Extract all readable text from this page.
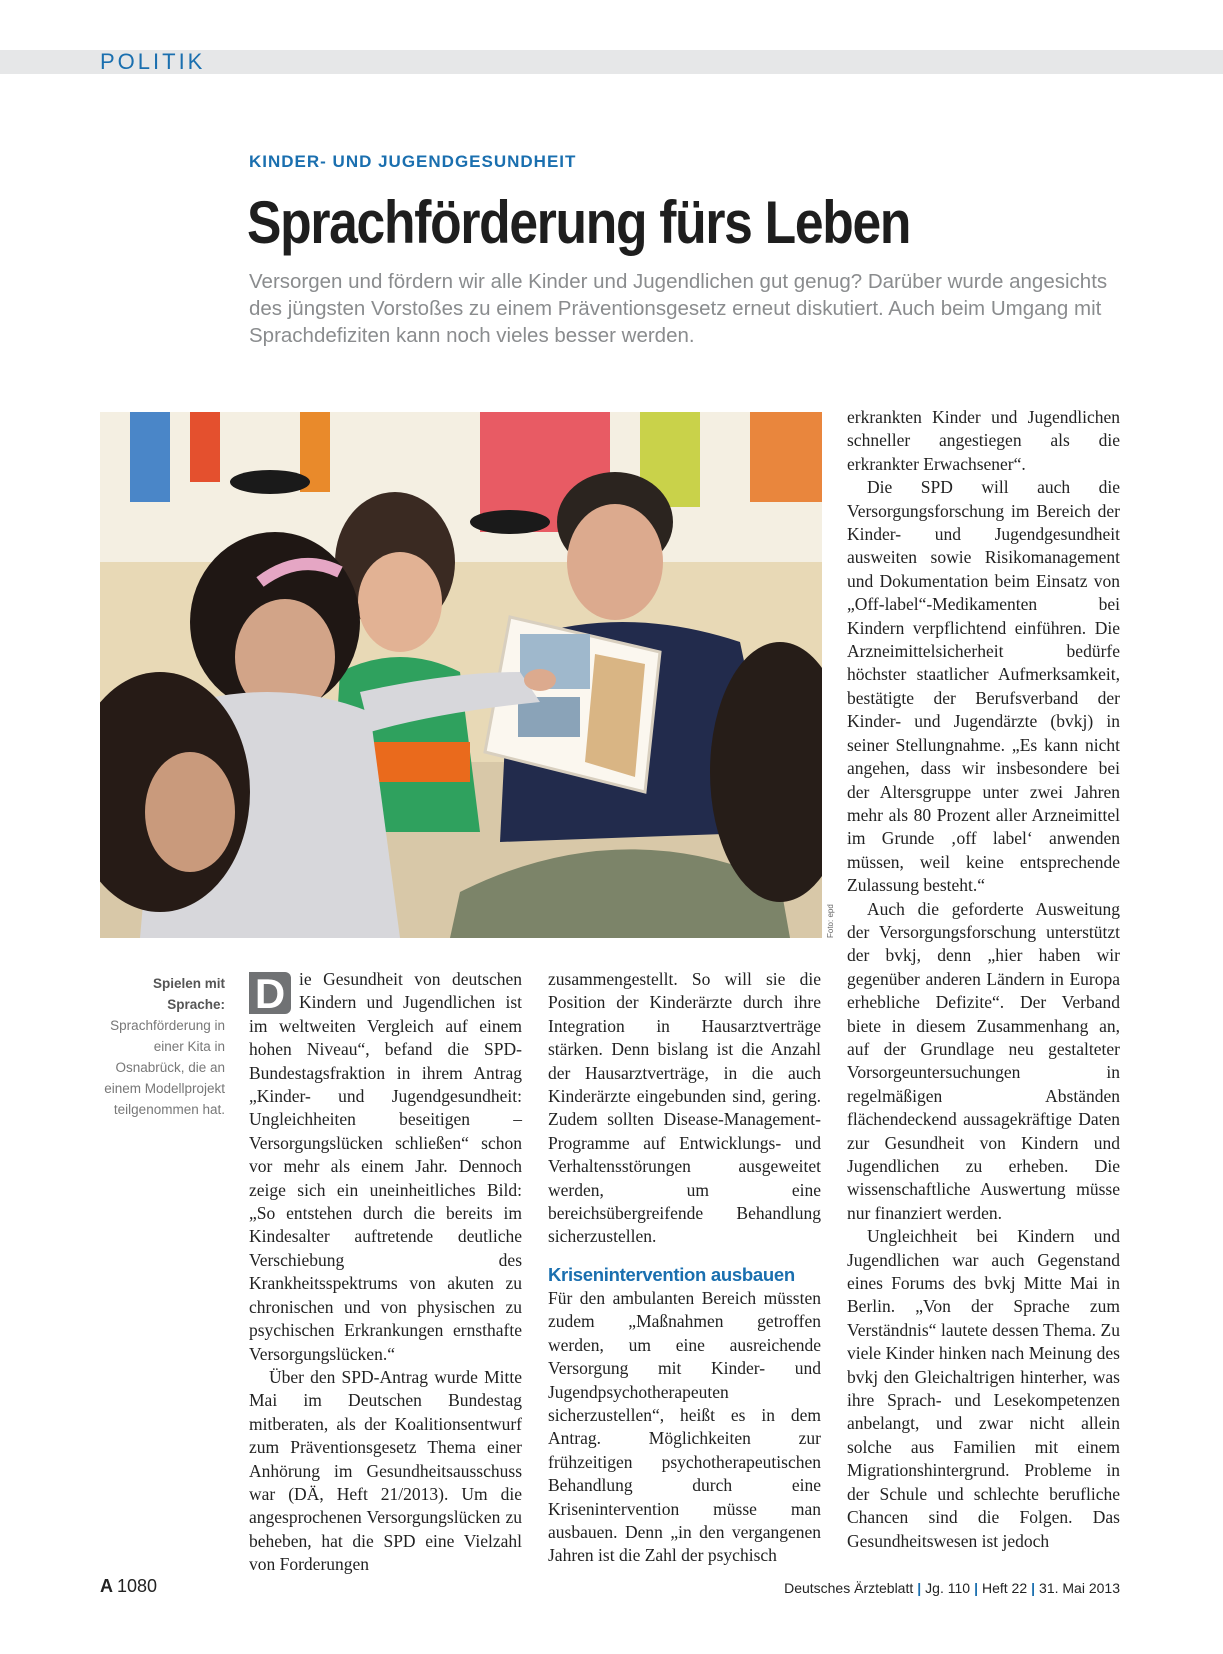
POLITIK
KINDER- UND JUGENDGESUNDHEIT
Sprachförderung fürs Leben

Versorgen und fördern wir alle Kinder und Jugendlichen gut genug? Darüber wurde angesichts des jüngsten Vorstoßes zu einem Präventionsgesetz erneut diskutiert. Auch beim Umgang mit Sprachdefiziten kann noch vieles besser werden.

Foto: epd

Spielen mit Sprache: Sprachförderung in einer Kita in Osnabrück, die an einem Modellprojekt teilgenommen hat.

D ie Gesundheit von deutschen Kindern und Jugendlichen ist im weltweiten Vergleich auf einem hohen Niveau“, befand die SPD-Bundestagsfraktion in ihrem Antrag „Kinder- und Jugendgesundheit: Ungleichheiten beseitigen – Versorgungslücken schließen“ schon vor mehr als einem Jahr. Dennoch zeige sich ein uneinheitliches Bild: „So entstehen durch die bereits im Kindesalter auftretende deutliche Verschiebung des Krankheitsspektrums von akuten zu chronischen und von physischen zu psychischen Erkrankungen ernsthafte Versorgungslücken.“

Über den SPD-Antrag wurde Mitte Mai im Deutschen Bundestag mitberaten, als der Koalitionsentwurf zum Präventionsgesetz Thema einer Anhörung im Gesundheitsausschuss war (DÄ, Heft 21/2013). Um die angesprochenen Versorgungslücken zu beheben, hat die SPD eine Vielzahl von Forderungen

zusammengestellt. So will sie die Position der Kinderärzte durch ihre Integration in Hausarztverträge stärken. Denn bislang ist die Anzahl der Hausarztverträge, in die auch Kinderärzte eingebunden sind, gering. Zudem sollten Disease-Management-Programme auf Entwicklungs- und Verhaltensstörungen ausgeweitet werden, um eine bereichsübergreifende Behandlung sicherzustellen.

Krisenintervention ausbauen

Für den ambulanten Bereich müssten zudem „Maßnahmen getroffen werden, um eine ausreichende Versorgung mit Kinder- und Jugendpsychotherapeuten sicherzustellen“, heißt es in dem Antrag. Möglichkeiten zur frühzeitigen psychotherapeutischen Behandlung durch eine Krisenintervention müsse man ausbauen. Denn „in den vergangenen Jahren ist die Zahl der psychisch

erkrankten Kinder und Jugendlichen schneller angestiegen als die erkrankter Erwachsener“.

Die SPD will auch die Versorgungsforschung im Bereich der Kinder- und Jugendgesundheit ausweiten sowie Risikomanagement und Dokumentation beim Einsatz von „Off-label“-Medikamenten bei Kindern verpflichtend einführen. Die Arzneimittelsicherheit bedürfe höchster staatlicher Aufmerksamkeit, bestätigte der Berufsverband der Kinder- und Jugendärzte (bvkj) in seiner Stellungnahme. „Es kann nicht angehen, dass wir insbesondere bei der Altersgruppe unter zwei Jahren mehr als 80 Prozent aller Arzneimittel im Grunde ‚off label‘ anwenden müssen, weil keine entsprechende Zulassung besteht.“

Auch die geforderte Ausweitung der Versorgungsforschung unterstützt der bvkj, denn „hier haben wir gegenüber anderen Ländern in Europa erhebliche Defizite“. Der Verband biete in diesem Zusammenhang an, auf der Grundlage neu gestalteter Vorsorgeuntersuchungen in regelmäßigen Abständen flächendeckend aussagekräftige Daten zur Gesundheit von Kindern und Jugendlichen zu erheben. Die wissenschaftliche Auswertung müsse nur finanziert werden.

Ungleichheit bei Kindern und Jugendlichen war auch Gegenstand eines Forums des bvkj Mitte Mai in Berlin. „Von der Sprache zum Verständnis“ lautete dessen Thema. Zu viele Kinder hinken nach Meinung des bvkj den Gleichaltrigen hinterher, was ihre Sprach- und Lesekompetenzen anbelangt, und zwar nicht allein solche aus Familien mit einem Migrationshintergrund. Probleme in der Schule und schlechte berufliche Chancen sind die Folgen. Das Gesundheitswesen ist jedoch

A 1080	Deutsches Ärzteblatt | Jg. 110 | Heft 22 | 31. Mai 2013
